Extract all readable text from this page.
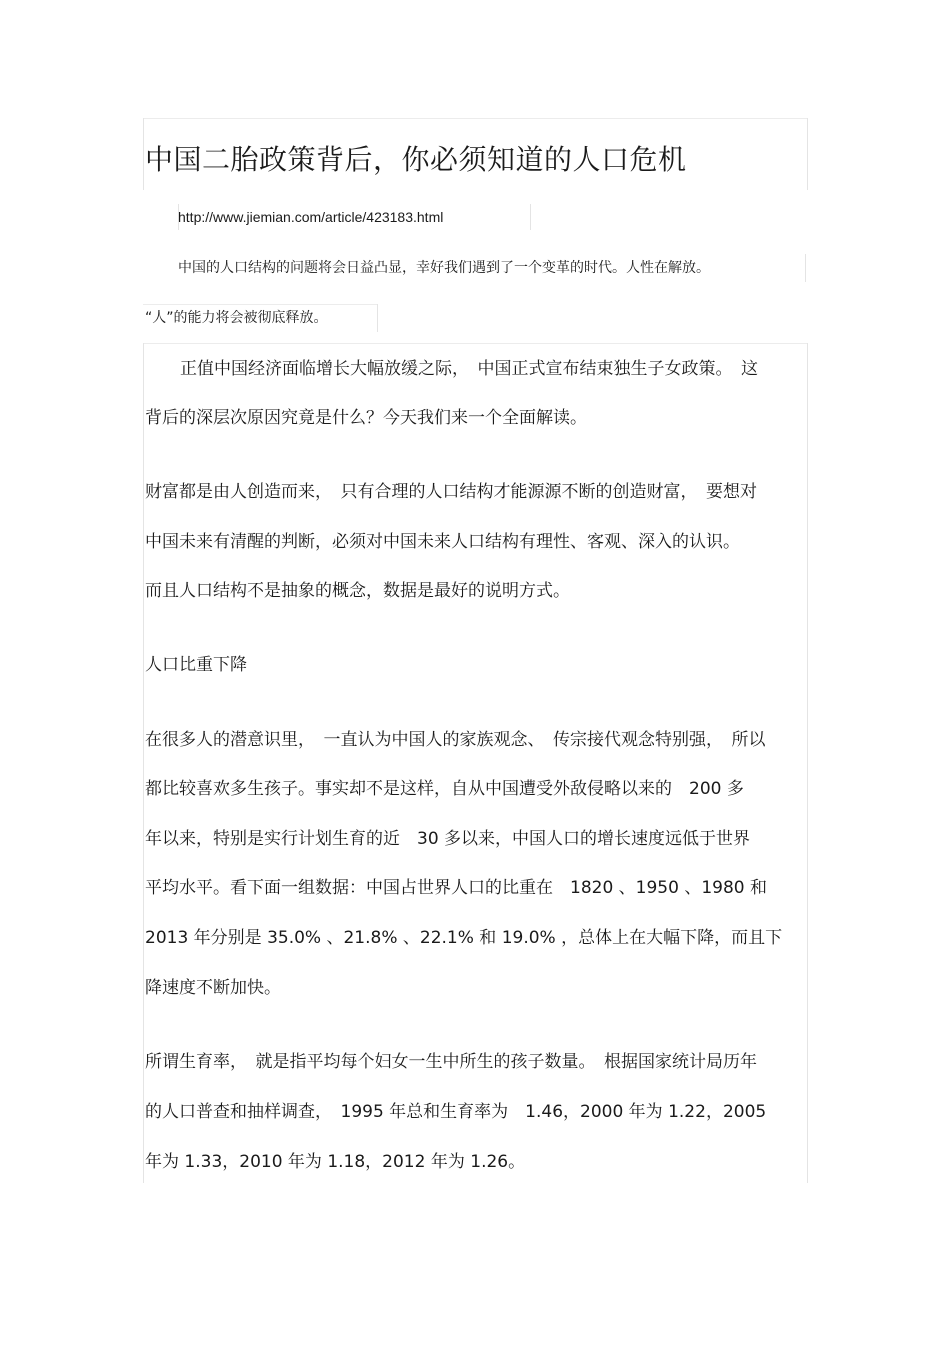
中国二胎政策背后，你必须知道的人口危机
http://www.jiemian.com/article/423183.html

中国的人口结构的问题将会日益凸显，幸好我们遇到了一个变革的时代。人性在解放。

“人”的能力将会被彻底释放。

　正值中国经济面临增长大幅放缓之际，　中国正式宣布结束独生子女政策。　这

背后的深层次原因究竟是什么？今天我们来一个全面解读。

财富都是由人创造而来，　只有合理的人口结构才能源源不断的创造财富，　要想对

中国未来有清醒的判断，必须对中国未来人口结构有理性、客观、深入的认识。

而且人口结构不是抽象的概念，数据是最好的说明方式。

人口比重下降

在很多人的潜意识里，　一直认为中国人的家族观念、　传宗接代观念特别强，　所以

都比较喜欢多生孩子。事实却不是这样，自从中国遭受外敌侵略以来的　200 多

年以来，特别是实行计划生育的近　30 多以来，中国人口的增长速度远低于世界

平均水平。看下面一组数据：中国占世界人口的比重在　1820 、1950 、1980 和

2013 年分别是 35.0% 、21.8% 、22.1% 和 19.0% ，总体上在大幅下降，而且下

降速度不断加快。

所谓生育率，　就是指平均每个妇女一生中所生的孩子数量。　根据国家统计局历年

的人口普查和抽样调查，　1995 年总和生育率为　1.46，2000 年为 1.22，2005

年为 1.33，2010 年为 1.18，2012 年为 1.26。
